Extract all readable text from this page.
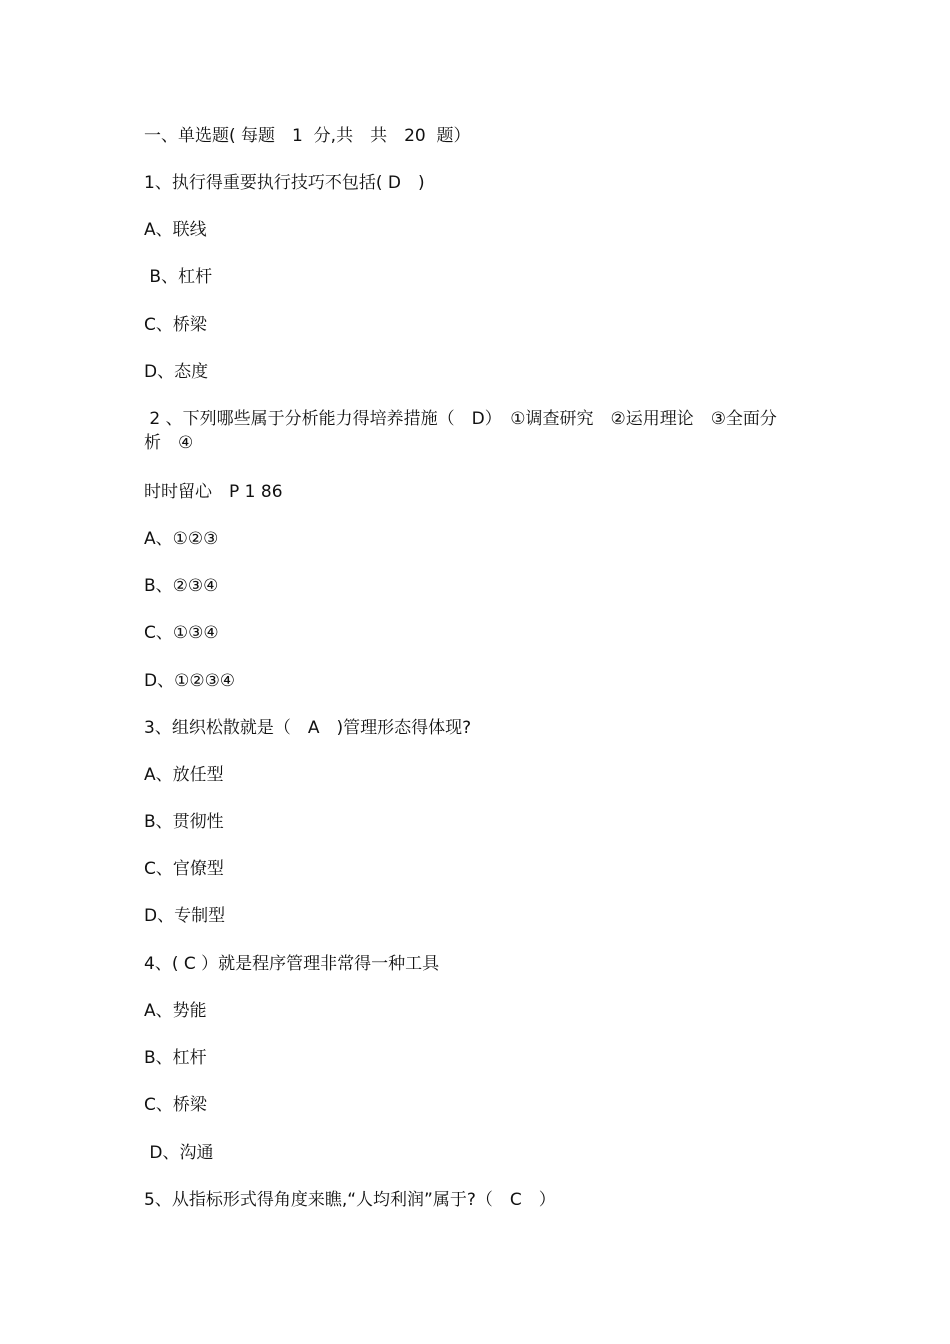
一、单选题( 每题　1  分,共　共　20  题）

1、执行得重要执行技巧不包括( D　)

A、联线

B、杠杆

C、桥梁

D、态度

2 、下列哪些属于分析能力得培养措施（　D）　①调查研究　②运用理论　③全面分析　④

时时留心　P 1 86

A、①②③

B、②③④

C、①③④

D、①②③④

3、组织松散就是（　A　)管理形态得体现?

A、放任型

B、贯彻性

C、官僚型

D、专制型

4、( C ）就是程序管理非常得一种工具

A、势能

B、杠杆

C、桥梁

D、沟通

5、从指标形式得角度来瞧,“人均利润”属于?（　C　）
